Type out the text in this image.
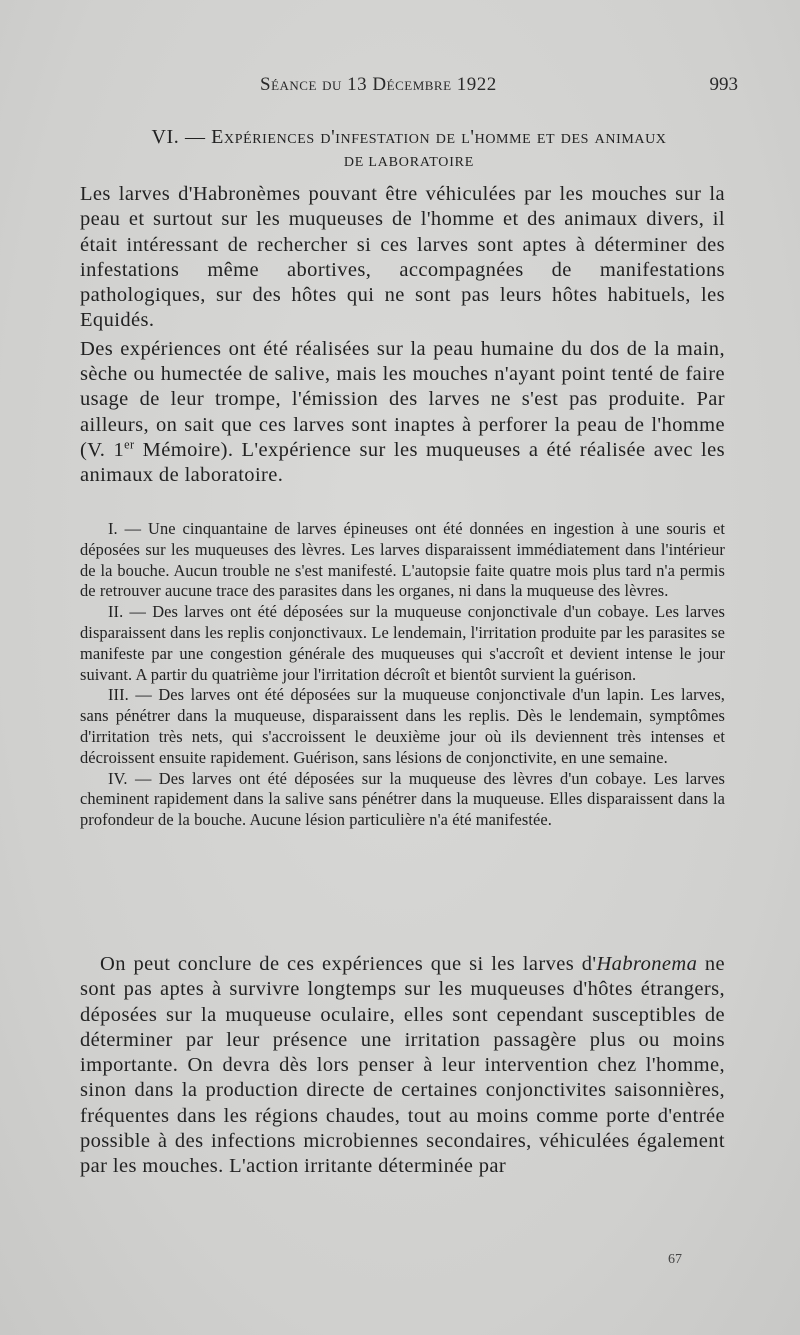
Séance du 13 Décembre 1922	993
VI. — Expériences d'infestation de l'homme et des animaux
DE LABORATOIRE

Les larves d'Habronèmes pouvant être véhiculées par les mouches sur la peau et surtout sur les muqueuses de l'homme et des animaux divers, il était intéressant de rechercher si ces larves sont aptes à déterminer des infestations même abortives, accompagnées de manifestations pathologiques, sur des hôtes qui ne sont pas leurs hôtes habituels, les Equidés.

Des expériences ont été réalisées sur la peau humaine du dos de la main, sèche ou humectée de salive, mais les mouches n'ayant point tenté de faire usage de leur trompe, l'émission des larves ne s'est pas produite. Par ailleurs, on sait que ces larves sont inaptes à perforer la peau de l'homme (V. 1er Mémoire). L'expérience sur les muqueuses a été réalisée avec les animaux de laboratoire.

I. — Une cinquantaine de larves épineuses ont été données en ingestion à une souris et déposées sur les muqueuses des lèvres. Les larves disparaissent immédiatement dans l'intérieur de la bouche. Aucun trouble ne s'est manifesté. L'autopsie faite quatre mois plus tard n'a permis de retrouver aucune trace des parasites dans les organes, ni dans la muqueuse des lèvres.

II. — Des larves ont été déposées sur la muqueuse conjonctivale d'un cobaye. Les larves disparaissent dans les replis conjonctivaux. Le lendemain, l'irritation produite par les parasites se manifeste par une congestion générale des muqueuses qui s'accroît et devient intense le jour suivant. A partir du quatrième jour l'irritation décroît et bientôt survient la guérison.

III. — Des larves ont été déposées sur la muqueuse conjonctivale d'un lapin. Les larves, sans pénétrer dans la muqueuse, disparaissent dans les replis. Dès le lendemain, symptômes d'irritation très nets, qui s'accroissent le deuxième jour où ils deviennent très intenses et décroissent ensuite rapidement. Guérison, sans lésions de conjonctivite, en une semaine.

IV. — Des larves ont été déposées sur la muqueuse des lèvres d'un cobaye. Les larves cheminent rapidement dans la salive sans pénétrer dans la muqueuse. Elles disparaissent dans la profondeur de la bouche. Aucune lésion particulière n'a été manifestée.

On peut conclure de ces expériences que si les larves d'Habronema ne sont pas aptes à survivre longtemps sur les muqueuses d'hôtes étrangers, déposées sur la muqueuse oculaire, elles sont cependant susceptibles de déterminer par leur présence une irritation passagère plus ou moins importante. On devra dès lors penser à leur intervention chez l'homme, sinon dans la production directe de certaines conjonctivites saisonnières, fréquentes dans les régions chaudes, tout au moins comme porte d'entrée possible à des infections microbiennes secondaires, véhiculées également par les mouches. L'action irritante déterminée par

67
